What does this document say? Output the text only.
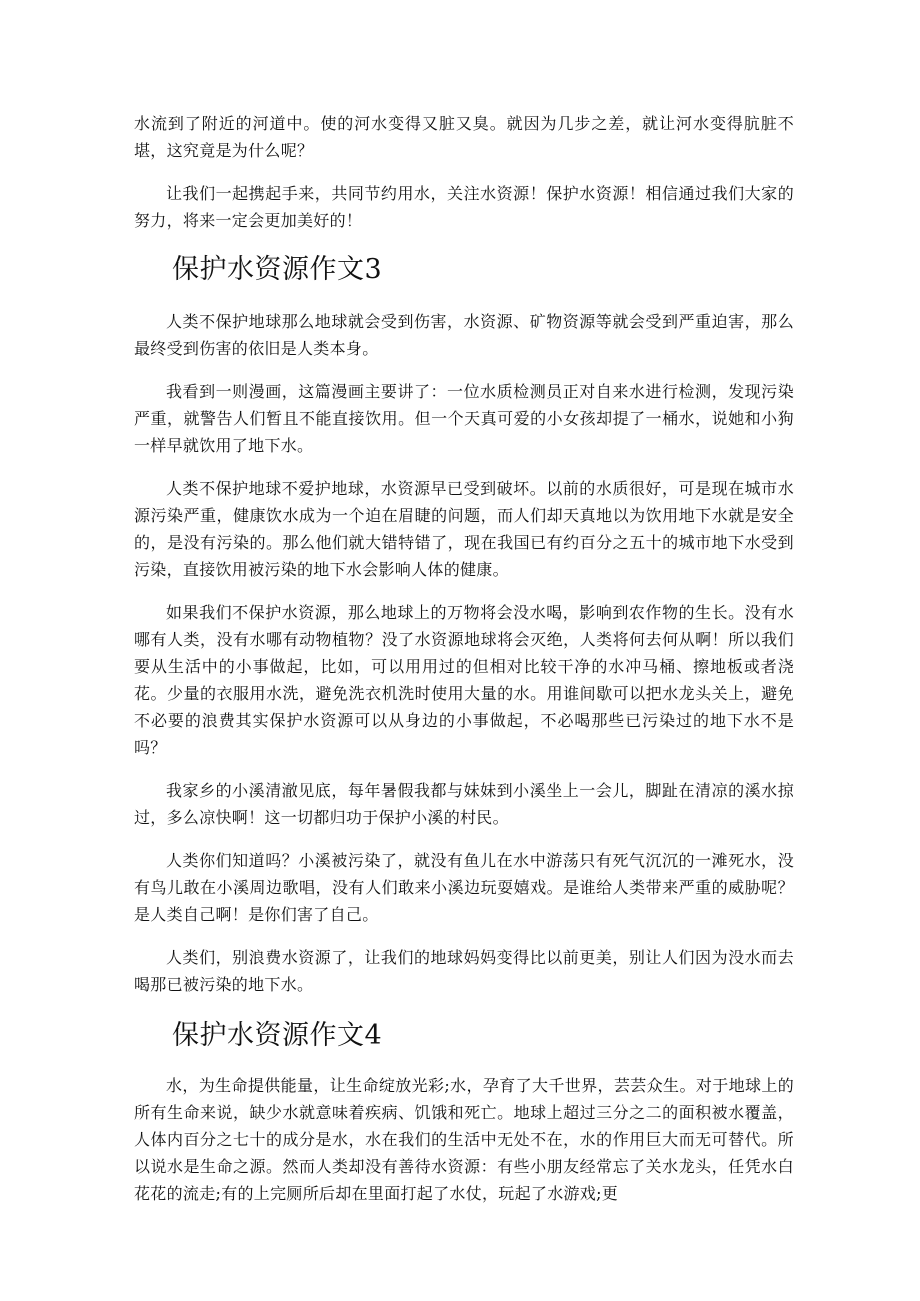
水流到了附近的河道中。使的河水变得又脏又臭。就因为几步之差，就让河水变得肮脏不堪，这究竟是为什么呢？

让我们一起携起手来，共同节约用水，关注水资源！保护水资源！相信通过我们大家的努力，将来一定会更加美好的！

保护水资源作文3

人类不保护地球那么地球就会受到伤害，水资源、矿物资源等就会受到严重迫害，那么最终受到伤害的依旧是人类本身。

我看到一则漫画，这篇漫画主要讲了：一位水质检测员正对自来水进行检测，发现污染严重，就警告人们暂且不能直接饮用。但一个天真可爱的小女孩却提了一桶水，说她和小狗一样早就饮用了地下水。

人类不保护地球不爱护地球，水资源早已受到破坏。以前的水质很好，可是现在城市水源污染严重，健康饮水成为一个迫在眉睫的问题，而人们却天真地以为饮用地下水就是安全的，是没有污染的。那么他们就大错特错了，现在我国已有约百分之五十的城市地下水受到污染，直接饮用被污染的地下水会影响人体的健康。

如果我们不保护水资源，那么地球上的万物将会没水喝，影响到农作物的生长。没有水哪有人类，没有水哪有动物植物？没了水资源地球将会灭绝，人类将何去何从啊！所以我们要从生活中的小事做起，比如，可以用用过的但相对比较干净的水冲马桶、擦地板或者浇花。少量的衣服用水洗，避免洗衣机洗时使用大量的水。用谁间歇可以把水龙头关上，避免不必要的浪费其实保护水资源可以从身边的小事做起，不必喝那些已污染过的地下水不是吗？

我家乡的小溪清澈见底，每年暑假我都与妹妹到小溪坐上一会儿，脚趾在清凉的溪水掠过，多么凉快啊！这一切都归功于保护小溪的村民。

人类你们知道吗？小溪被污染了，就没有鱼儿在水中游荡只有死气沉沉的一滩死水，没有鸟儿敢在小溪周边歌唱，没有人们敢来小溪边玩耍嬉戏。是谁给人类带来严重的威胁呢？是人类自己啊！是你们害了自己。

人类们，别浪费水资源了，让我们的地球妈妈变得比以前更美，别让人们因为没水而去喝那已被污染的地下水。

保护水资源作文4

水，为生命提供能量，让生命绽放光彩;水，孕育了大千世界，芸芸众生。对于地球上的所有生命来说，缺少水就意味着疾病、饥饿和死亡。地球上超过三分之二的面积被水覆盖，人体内百分之七十的成分是水，水在我们的生活中无处不在，水的作用巨大而无可替代。所以说水是生命之源。然而人类却没有善待水资源：有些小朋友经常忘了关水龙头，任凭水白花花的流走;有的上完厕所后却在里面打起了水仗，玩起了水游戏;更
